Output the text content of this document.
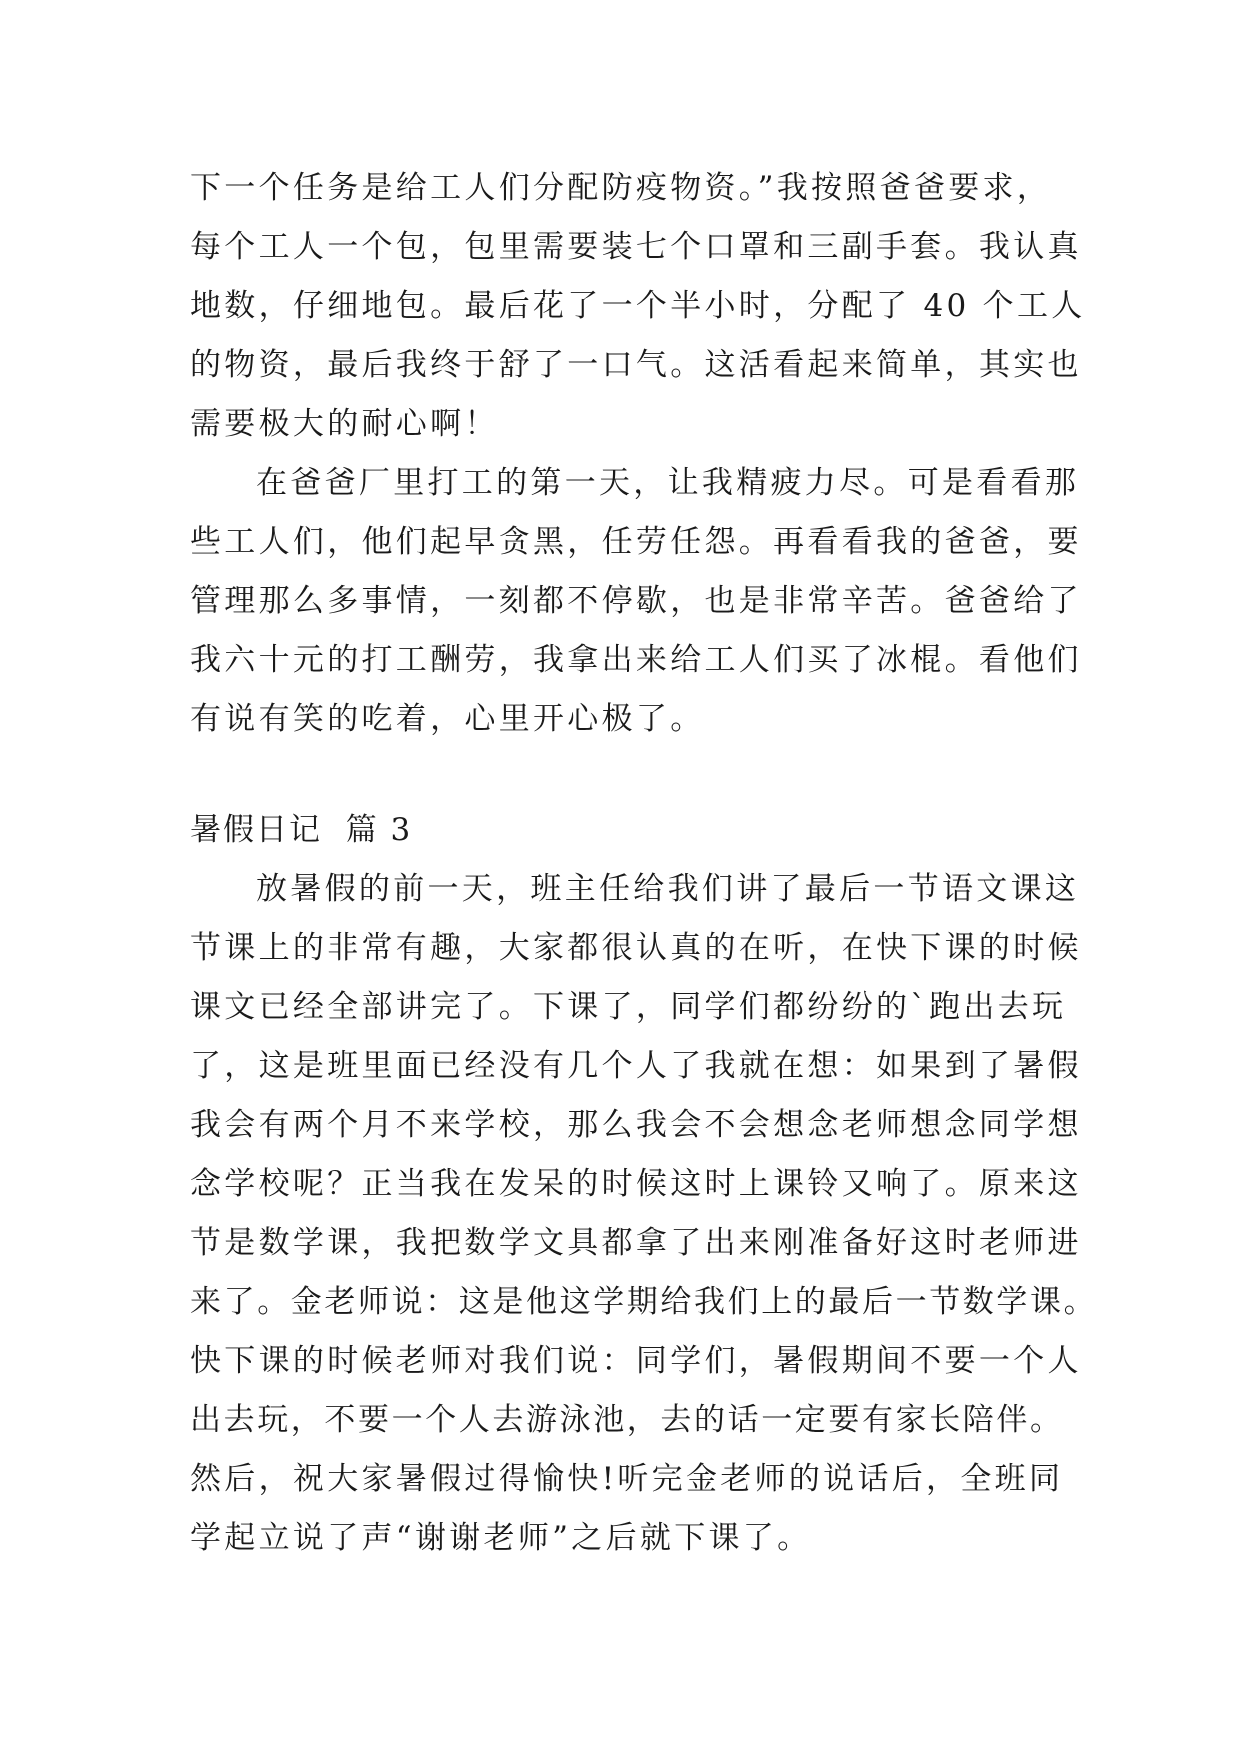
下一个任务是给工人们分配防疫物资。”我按照爸爸要求，
每个工人一个包，包里需要装七个口罩和三副手套。我认真
地数，仔细地包。最后花了一个半小时，分配了 40 个工人
的物资，最后我终于舒了一口气。这活看起来简单，其实也
需要极大的耐心啊！
在爸爸厂里打工的第一天，让我精疲力尽。可是看看那
些工人们，他们起早贪黑，任劳任怨。再看看我的爸爸，要
管理那么多事情，一刻都不停歇，也是非常辛苦。爸爸给了
我六十元的打工酬劳，我拿出来给工人们买了冰棍。看他们
有说有笑的吃着，心里开心极了。
暑假日记  篇 3
放暑假的前一天，班主任给我们讲了最后一节语文课这
节课上的非常有趣，大家都很认真的在听，在快下课的时候
课文已经全部讲完了。下课了，同学们都纷纷的`跑出去玩
了，这是班里面已经没有几个人了我就在想：如果到了暑假
我会有两个月不来学校，那么我会不会想念老师想念同学想
念学校呢？正当我在发呆的时候这时上课铃又响了。原来这
节是数学课，我把数学文具都拿了出来刚准备好这时老师进
来了。金老师说：这是他这学期给我们上的最后一节数学课。
快下课的时候老师对我们说：同学们，暑假期间不要一个人
出去玩，不要一个人去游泳池，去的话一定要有家长陪伴。
然后，祝大家暑假过得愉快!听完金老师的说话后，全班同
学起立说了声“谢谢老师”之后就下课了。
